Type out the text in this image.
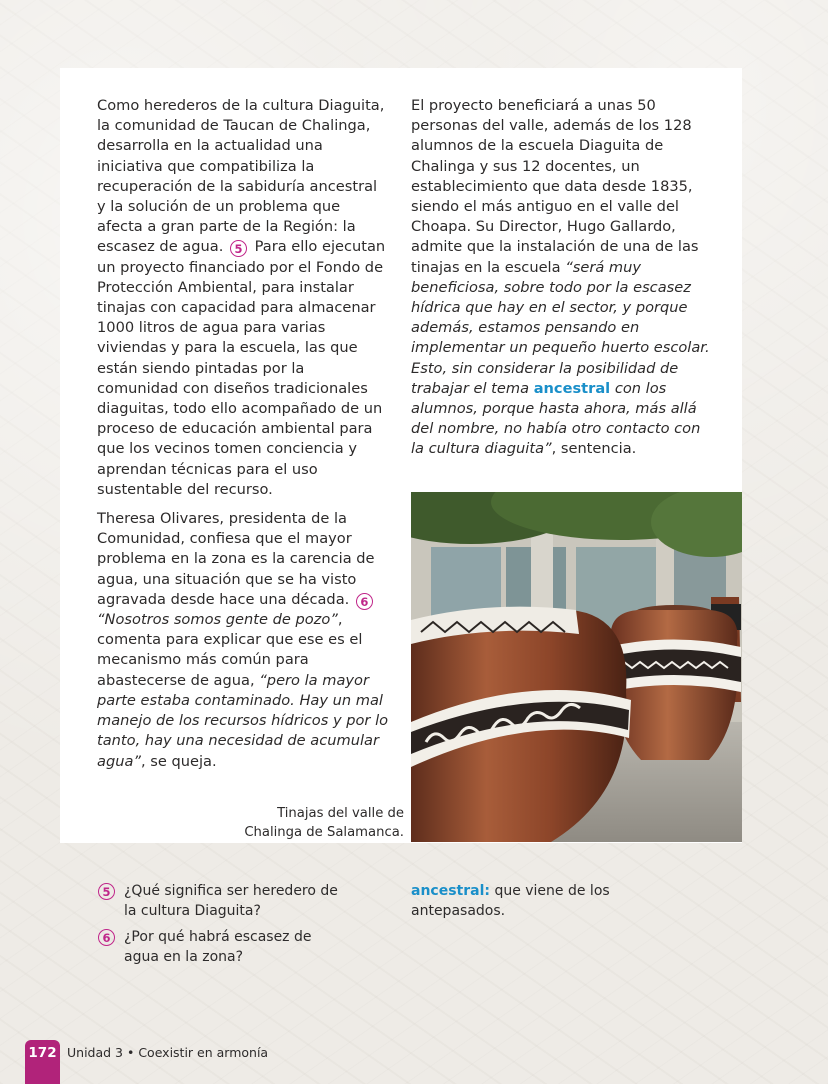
Como herederos de la cultura Diaguita, la comunidad de Taucan de Chalinga, desarrolla en la actualidad una iniciativa que compatibiliza la recuperación de la sabiduría ancestral y la solución de un problema que afecta a gran parte de la Región: la escasez de agua. 5 Para ello ejecutan un proyecto financiado por el Fondo de Protección Ambiental, para instalar tinajas con capacidad para almacenar 1000 litros de agua para varias viviendas y para la escuela, las que están siendo pintadas por la comunidad con diseños tradicionales diaguitas, todo ello acompañado de un proceso de educación ambiental para que los vecinos tomen conciencia y aprendan técnicas para el uso sustentable del recurso.

Theresa Olivares, presidenta de la Comunidad, confiesa que el mayor problema en la zona es la carencia de agua, una situación que se ha visto agravada desde hace una década. 6 “Nosotros somos gente de pozo”, comenta para explicar que ese es el mecanismo más común para abastecerse de agua, “pero la mayor parte estaba contaminado. Hay un mal manejo de los recursos hídricos y por lo tanto, hay una necesidad de acumular agua”, se queja.

El proyecto beneficiará a unas 50 personas del valle, además de los 128 alumnos de la escuela Diaguita de Chalinga y sus 12 docentes, un establecimiento que data desde 1835, siendo el más antiguo en el valle del Choapa. Su Director, Hugo Gallardo, admite que la instalación de una de las tinajas en la escuela “será muy beneficiosa, sobre todo por la escasez hídrica que hay en el sector, y porque además, estamos pensando en implementar un pequeño huerto escolar. Esto, sin considerar la posibilidad de trabajar el tema ancestral con los alumnos, porque hasta ahora, más allá del nombre, no había otro contacto con la cultura diaguita”, sentencia.

Tinajas del valle de Chalinga de Salamanca.
5 ¿Qué significa ser heredero de la cultura Diaguita?
6 ¿Por qué habrá escasez de agua en la zona?
ancestral: que viene de los antepasados.
172 Unidad 3 • Coexistir en armonía
